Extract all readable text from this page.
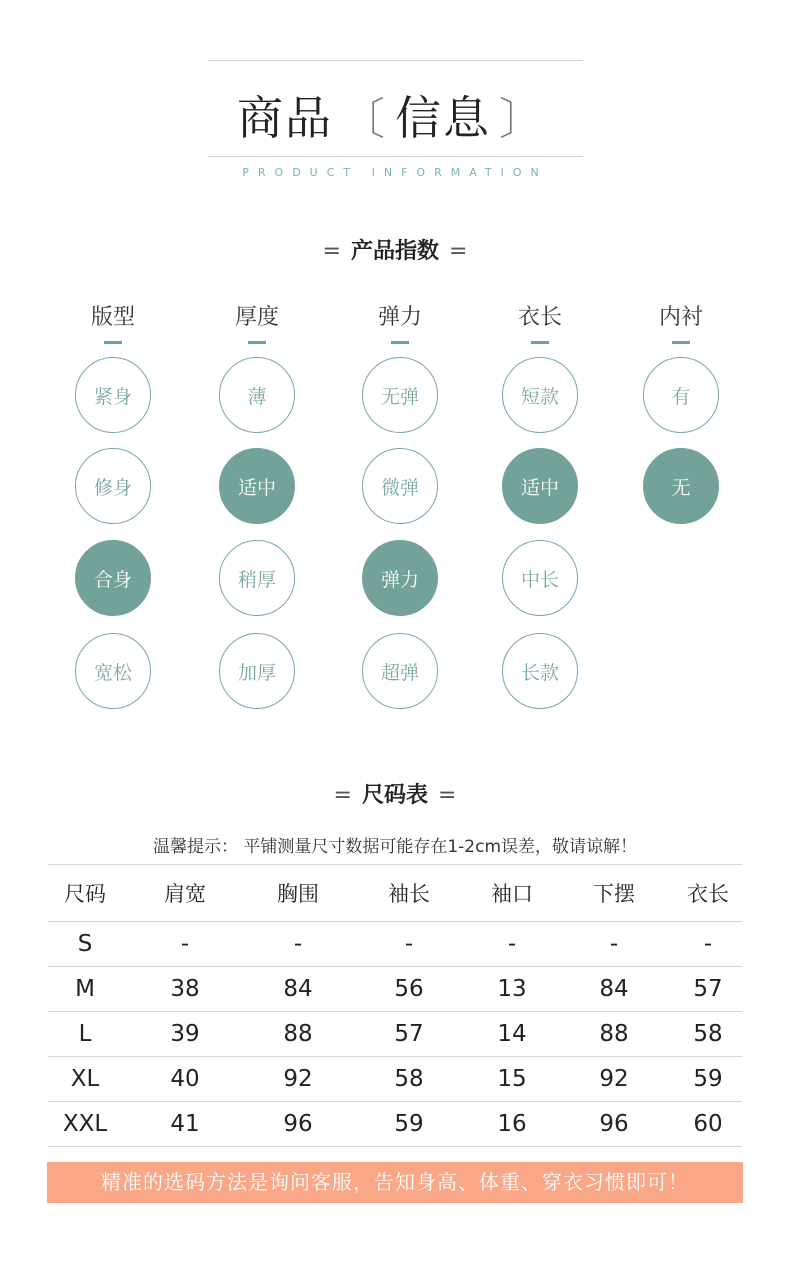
商品 〔 信息 〕
PRODUCT INFORMATION
= 产品指数 =
版型
紧身
修身
合身
宽松
厚度
薄
适中
稍厚
加厚
弹力
无弹
微弹
弹力
超弹
衣长
短款
适中
中长
长款
内衬
有
无
= 尺码表 =
温馨提示： 平铺测量尺寸数据可能存在1-2cm误差，敬请谅解！
尺码	肩宽	胸围	袖长	袖口	下摆	衣长
S	-	-	-	-	-	-
M	38	84	56	13	84	57
L	39	88	57	14	88	58
XL	40	92	58	15	92	59
XXL	41	96	59	16	96	60
精准的选码方法是询问客服，告知身高、体重、穿衣习惯即可！
